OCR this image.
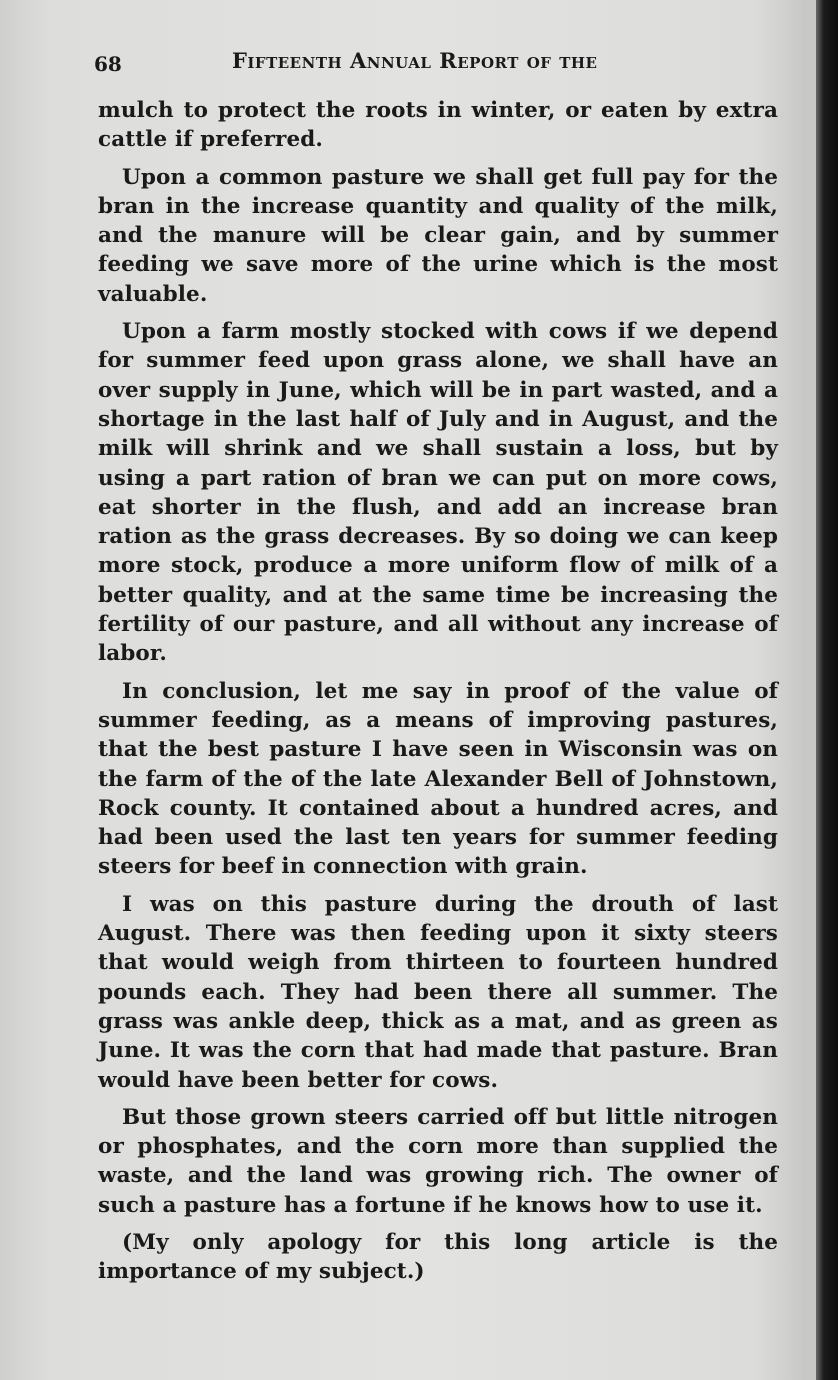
68	Fifteenth Annual Report of the

mulch to protect the roots in winter, or eaten by extra cattle if preferred.

Upon a common pasture we shall get full pay for the bran in the increase quantity and quality of the milk, and the manure will be clear gain, and by summer feeding we save more of the urine which is the most valuable.

Upon a farm mostly stocked with cows if we depend for summer feed upon grass alone, we shall have an over supply in June, which will be in part wasted, and a shortage in the last half of July and in August, and the milk will shrink and we shall sustain a loss, but by using a part ration of bran we can put on more cows, eat shorter in the flush, and add an increase bran ration as the grass decreases. By so doing we can keep more stock, produce a more uniform flow of milk of a better quality, and at the same time be increasing the fertility of our pasture, and all without any increase of labor.

In conclusion, let me say in proof of the value of summer feeding, as a means of improving pastures, that the best pasture I have seen in Wisconsin was on the farm of the of the late Alexander Bell of Johnstown, Rock county. It contained about a hundred acres, and had been used the last ten years for summer feeding steers for beef in connection with grain.

I was on this pasture during the drouth of last August. There was then feeding upon it sixty steers that would weigh from thirteen to fourteen hundred pounds each. They had been there all summer. The grass was ankle deep, thick as a mat, and as green as June. It was the corn that had made that pasture. Bran would have been better for cows.

But those grown steers carried off but little nitrogen or phosphates, and the corn more than supplied the waste, and the land was growing rich. The owner of such a pasture has a fortune if he knows how to use it.

(My only apology for this long article is the importance of my subject.)
